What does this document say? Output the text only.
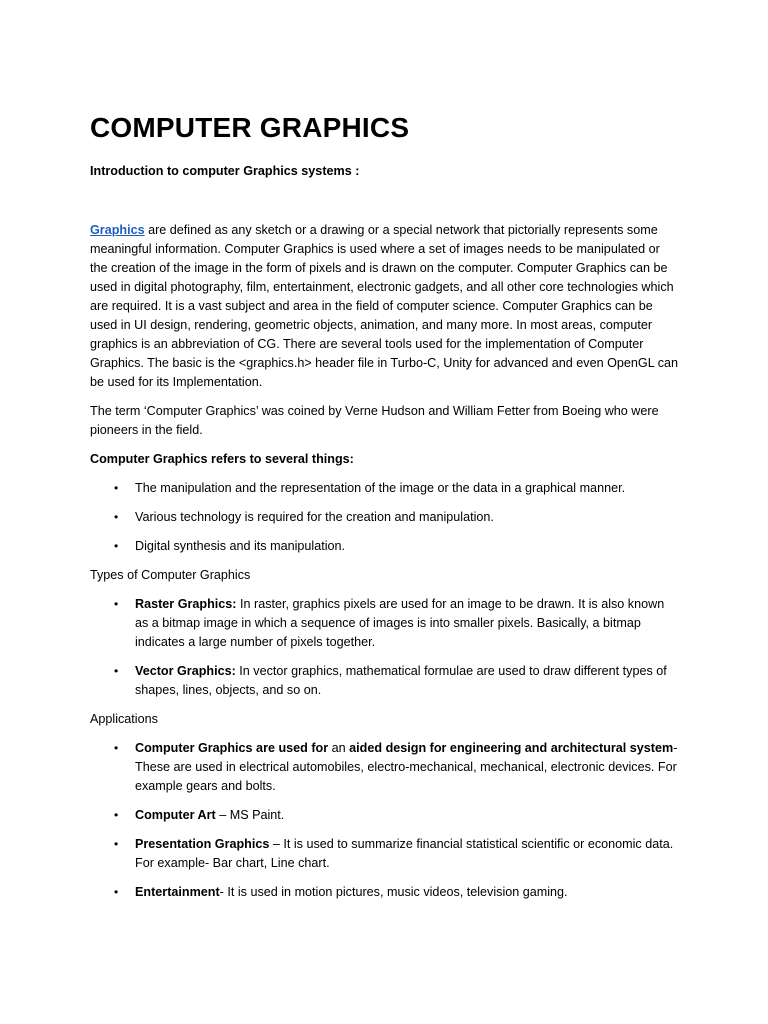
COMPUTER GRAPHICS
Introduction to computer Graphics systems :

Graphics are defined as any sketch or a drawing or a special network that pictorially represents some meaningful information. Computer Graphics is used where a set of images needs to be manipulated or the creation of the image in the form of pixels and is drawn on the computer. Computer Graphics can be used in digital photography, film, entertainment, electronic gadgets, and all other core technologies which are required. It is a vast subject and area in the field of computer science. Computer Graphics can be used in UI design, rendering, geometric objects, animation, and many more. In most areas, computer graphics is an abbreviation of CG. There are several tools used for the implementation of Computer Graphics. The basic is the <graphics.h> header file in Turbo-C, Unity for advanced and even OpenGL can be used for its Implementation.

The term ‘Computer Graphics’ was coined by Verne Hudson and William Fetter from Boeing who were pioneers in the field.

Computer Graphics refers to several things:

• The manipulation and the representation of the image or the data in a graphical manner.
• Various technology is required for the creation and manipulation.
• Digital synthesis and its manipulation.

Types of Computer Graphics

• Raster Graphics: In raster, graphics pixels are used for an image to be drawn. It is also known as a bitmap image in which a sequence of images is into smaller pixels. Basically, a bitmap indicates a large number of pixels together.
• Vector Graphics: In vector graphics, mathematical formulae are used to draw different types of shapes, lines, objects, and so on.

Applications

• Computer Graphics are used for an aided design for engineering and architectural system- These are used in electrical automobiles, electro-mechanical, mechanical, electronic devices. For example gears and bolts.
• Computer Art – MS Paint.
• Presentation Graphics – It is used to summarize financial statistical scientific or economic data. For example- Bar chart, Line chart.
• Entertainment- It is used in motion pictures, music videos, television gaming.
